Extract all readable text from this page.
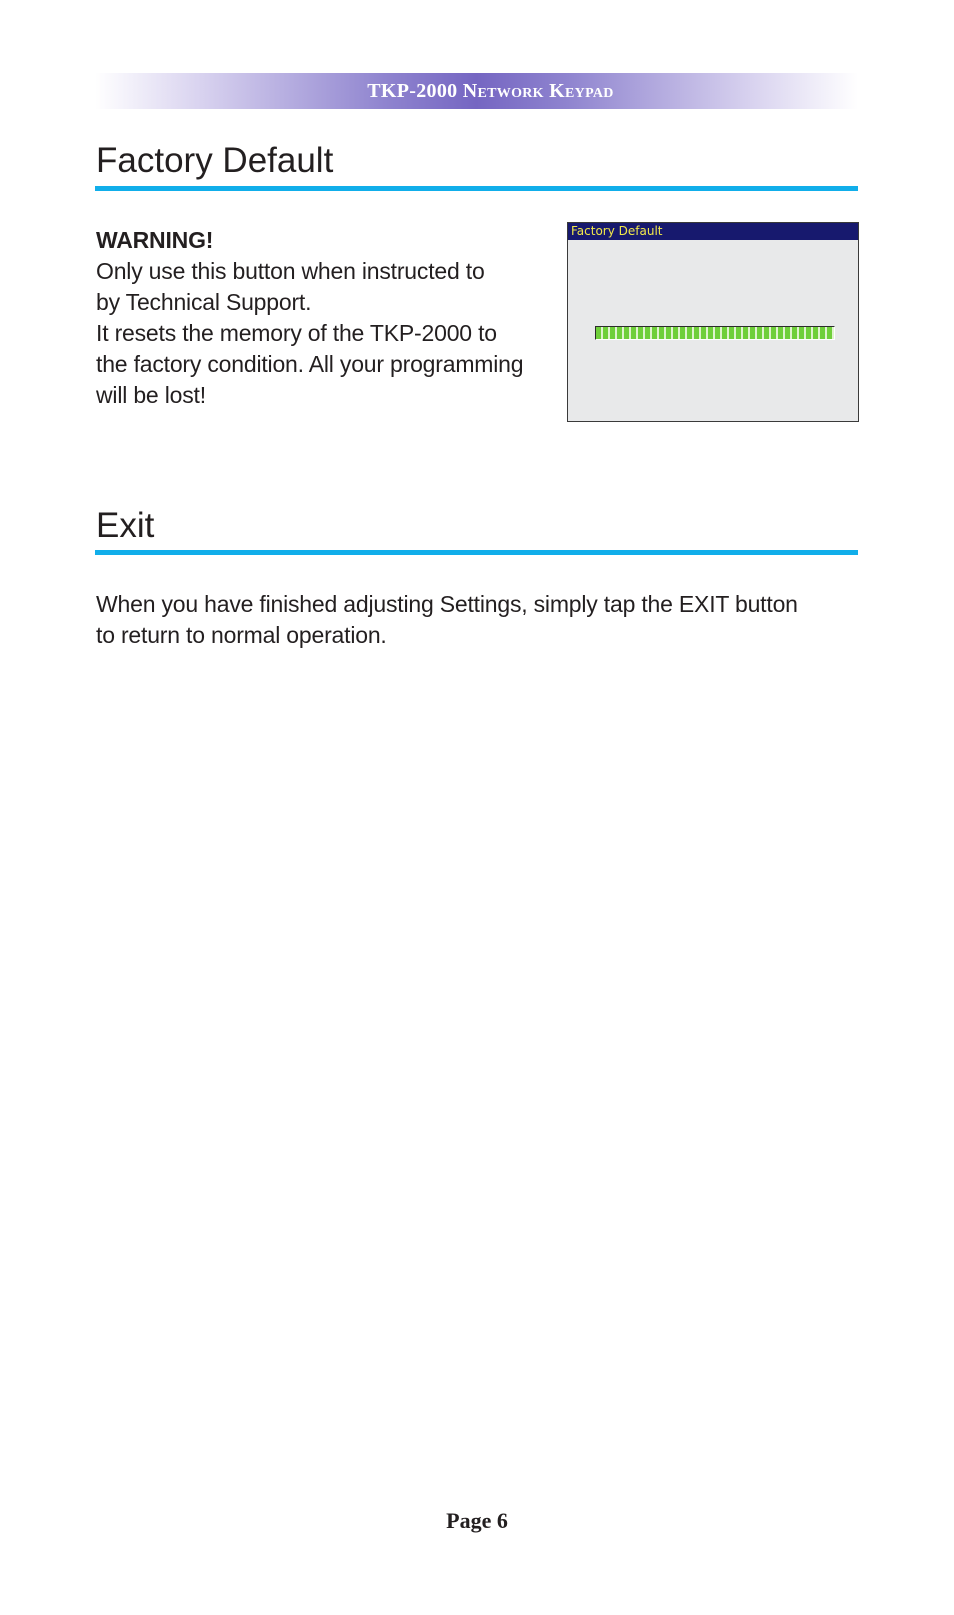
TKP-2000 Network Keypad
Factory Default
WARNING!
Only use this button when instructed to
by Technical Support.
It resets the memory of the TKP-2000 to
the factory condition. All your programming
will be lost!
Factory Default
Exit
When you have finished adjusting Settings, simply tap the EXIT button
to return to normal operation.
Page 6
